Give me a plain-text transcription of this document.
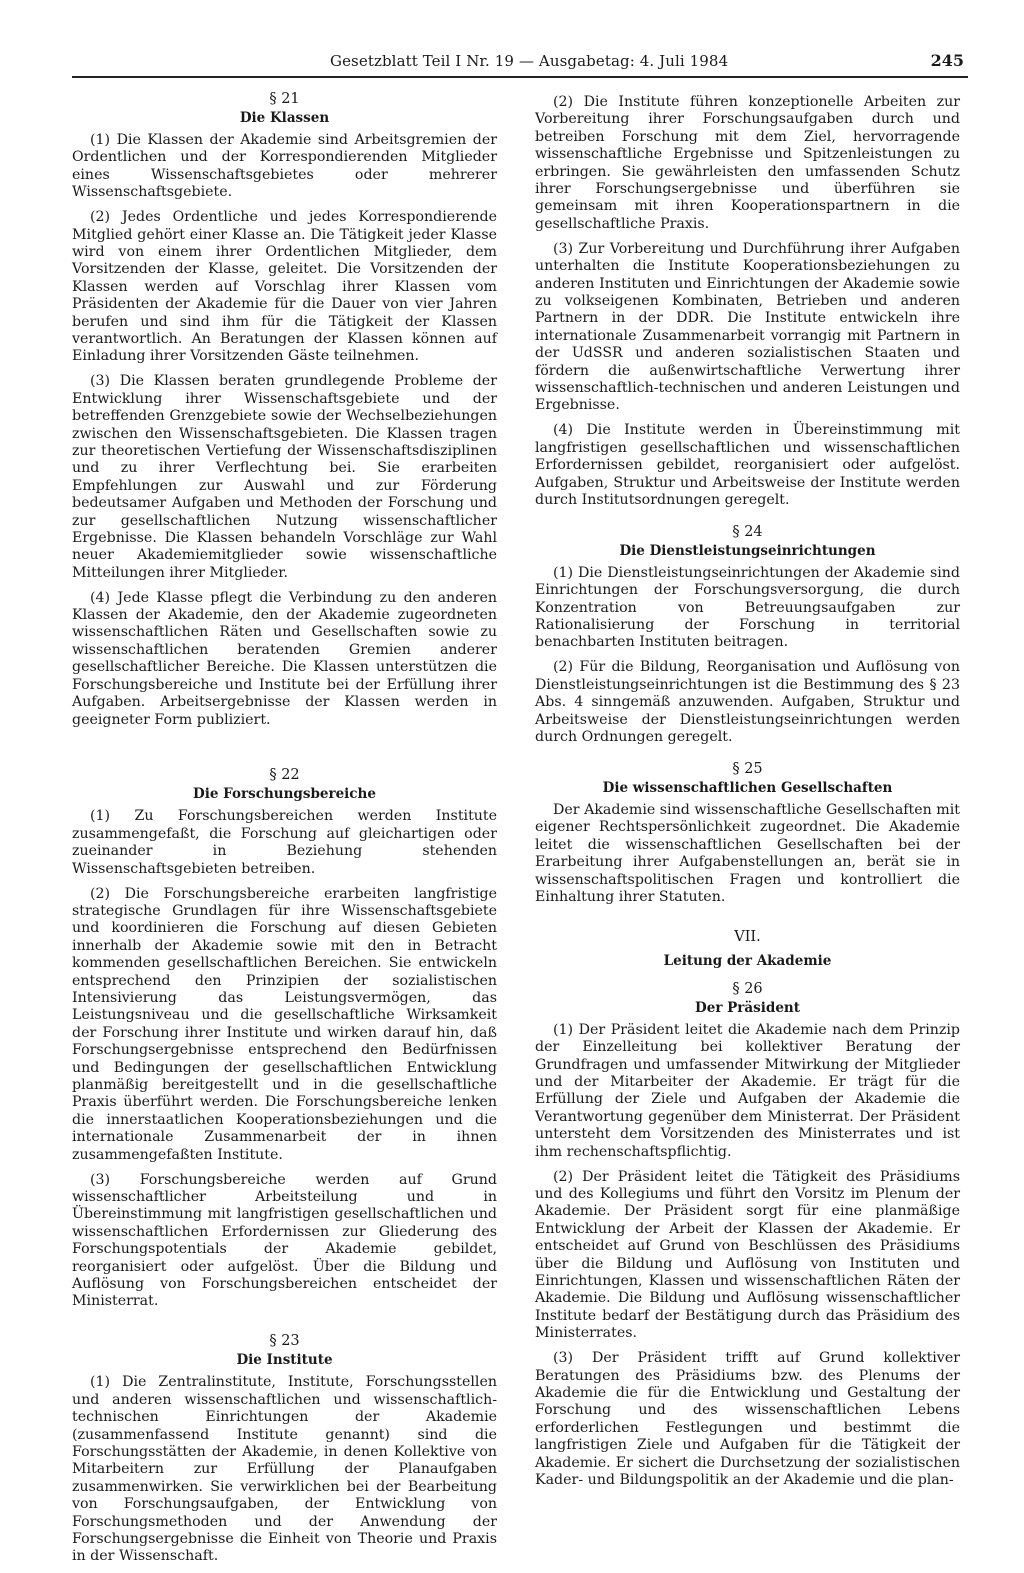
Gesetzblatt Teil I Nr. 19 — Ausgabetag: 4. Juli 1984	245
§ 21
Die Klassen

(1) Die Klassen der Akademie sind Arbeitsgremien der Ordentlichen und der Korrespondierenden Mitglieder eines Wissenschaftsgebietes oder mehrerer Wissenschaftsgebiete.

(2) Jedes Ordentliche und jedes Korrespondierende Mitglied gehört einer Klasse an. Die Tätigkeit jeder Klasse wird von einem ihrer Ordentlichen Mitglieder, dem Vorsitzenden der Klasse, geleitet. Die Vorsitzenden der Klassen werden auf Vorschlag ihrer Klassen vom Präsidenten der Akademie für die Dauer von vier Jahren berufen und sind ihm für die Tätigkeit der Klassen verantwortlich. An Beratungen der Klassen können auf Einladung ihrer Vorsitzenden Gäste teilnehmen.

(3) Die Klassen beraten grundlegende Probleme der Entwicklung ihrer Wissenschaftsgebiete und der betreffenden Grenzgebiete sowie der Wechselbeziehungen zwischen den Wissenschaftsgebieten. Die Klassen tragen zur theoretischen Vertiefung der Wissenschaftsdisziplinen und zu ihrer Verflechtung bei. Sie erarbeiten Empfehlungen zur Auswahl und zur Förderung bedeutsamer Aufgaben und Methoden der Forschung und zur gesellschaftlichen Nutzung wissenschaftlicher Ergebnisse. Die Klassen behandeln Vorschläge zur Wahl neuer Akademiemitglieder sowie wissenschaftliche Mitteilungen ihrer Mitglieder.

(4) Jede Klasse pflegt die Verbindung zu den anderen Klassen der Akademie, den der Akademie zugeordneten wissenschaftlichen Räten und Gesellschaften sowie zu wissenschaftlichen beratenden Gremien anderer gesellschaftlicher Bereiche. Die Klassen unterstützen die Forschungsbereiche und Institute bei der Erfüllung ihrer Aufgaben. Arbeitsergebnisse der Klassen werden in geeigneter Form publiziert.

§ 22
Die Forschungsbereiche

(1) Zu Forschungsbereichen werden Institute zusammengefaßt, die Forschung auf gleichartigen oder zueinander in Beziehung stehenden Wissenschaftsgebieten betreiben.

(2) Die Forschungsbereiche erarbeiten langfristige strategische Grundlagen für ihre Wissenschaftsgebiete und koordinieren die Forschung auf diesen Gebieten innerhalb der Akademie sowie mit den in Betracht kommenden gesellschaftlichen Bereichen. Sie entwickeln entsprechend den Prinzipien der sozialistischen Intensivierung das Leistungsvermögen, das Leistungsniveau und die gesellschaftliche Wirksamkeit der Forschung ihrer Institute und wirken darauf hin, daß Forschungsergebnisse entsprechend den Bedürfnissen und Bedingungen der gesellschaftlichen Entwicklung planmäßig bereitgestellt und in die gesellschaftliche Praxis überführt werden. Die Forschungsbereiche lenken die innerstaatlichen Kooperationsbeziehungen und die internationale Zusammenarbeit der in ihnen zusammengefaßten Institute.

(3) Forschungsbereiche werden auf Grund wissenschaftlicher Arbeitsteilung und in Übereinstimmung mit langfristigen gesellschaftlichen und wissenschaftlichen Erfordernissen zur Gliederung des Forschungspotentials der Akademie gebildet, reorganisiert oder aufgelöst. Über die Bildung und Auflösung von Forschungsbereichen entscheidet der Ministerrat.

§ 23
Die Institute

(1) Die Zentralinstitute, Institute, Forschungsstellen und anderen wissenschaftlichen und wissenschaftlich-technischen Einrichtungen der Akademie (zusammenfassend Institute genannt) sind die Forschungsstätten der Akademie, in denen Kollektive von Mitarbeitern zur Erfüllung der Planaufgaben zusammenwirken. Sie verwirklichen bei der Bearbeitung von Forschungsaufgaben, der Entwicklung von Forschungsmethoden und der Anwendung der Forschungsergebnisse die Einheit von Theorie und Praxis in der Wissenschaft.

(2) Die Institute führen konzeptionelle Arbeiten zur Vorbereitung ihrer Forschungsaufgaben durch und betreiben Forschung mit dem Ziel, hervorragende wissenschaftliche Ergebnisse und Spitzenleistungen zu erbringen. Sie gewährleisten den umfassenden Schutz ihrer Forschungsergebnisse und überführen sie gemeinsam mit ihren Kooperationspartnern in die gesellschaftliche Praxis.

(3) Zur Vorbereitung und Durchführung ihrer Aufgaben unterhalten die Institute Kooperationsbeziehungen zu anderen Instituten und Einrichtungen der Akademie sowie zu volkseigenen Kombinaten, Betrieben und anderen Partnern in der DDR. Die Institute entwickeln ihre internationale Zusammenarbeit vorrangig mit Partnern in der UdSSR und anderen sozialistischen Staaten und fördern die außenwirtschaftliche Verwertung ihrer wissenschaftlich-technischen und anderen Leistungen und Ergebnisse.

(4) Die Institute werden in Übereinstimmung mit langfristigen gesellschaftlichen und wissenschaftlichen Erfordernissen gebildet, reorganisiert oder aufgelöst. Aufgaben, Struktur und Arbeitsweise der Institute werden durch Institutsordnungen geregelt.

§ 24
Die Dienstleistungseinrichtungen

(1) Die Dienstleistungseinrichtungen der Akademie sind Einrichtungen der Forschungsversorgung, die durch Konzentration von Betreuungsaufgaben zur Rationalisierung der Forschung in territorial benachbarten Instituten beitragen.

(2) Für die Bildung, Reorganisation und Auflösung von Dienstleistungseinrichtungen ist die Bestimmung des § 23 Abs. 4 sinngemäß anzuwenden. Aufgaben, Struktur und Arbeitsweise der Dienstleistungseinrichtungen werden durch Ordnungen geregelt.

§ 25
Die wissenschaftlichen Gesellschaften

Der Akademie sind wissenschaftliche Gesellschaften mit eigener Rechtspersönlichkeit zugeordnet. Die Akademie leitet die wissenschaftlichen Gesellschaften bei der Erarbeitung ihrer Aufgabenstellungen an, berät sie in wissenschaftspolitischen Fragen und kontrolliert die Einhaltung ihrer Statuten.

VII.
Leitung der Akademie
§ 26
Der Präsident

(1) Der Präsident leitet die Akademie nach dem Prinzip der Einzelleitung bei kollektiver Beratung der Grundfragen und umfassender Mitwirkung der Mitglieder und der Mitarbeiter der Akademie. Er trägt für die Erfüllung der Ziele und Aufgaben der Akademie die Verantwortung gegenüber dem Ministerrat. Der Präsident untersteht dem Vorsitzenden des Ministerrates und ist ihm rechenschaftspflichtig.

(2) Der Präsident leitet die Tätigkeit des Präsidiums und des Kollegiums und führt den Vorsitz im Plenum der Akademie. Der Präsident sorgt für eine planmäßige Entwicklung der Arbeit der Klassen der Akademie. Er entscheidet auf Grund von Beschlüssen des Präsidiums über die Bildung und Auflösung von Instituten und Einrichtungen, Klassen und wissenschaftlichen Räten der Akademie. Die Bildung und Auflösung wissenschaftlicher Institute bedarf der Bestätigung durch das Präsidium des Ministerrates.

(3) Der Präsident trifft auf Grund kollektiver Beratungen des Präsidiums bzw. des Plenums der Akademie die für die Entwicklung und Gestaltung der Forschung und des wissenschaftlichen Lebens erforderlichen Festlegungen und bestimmt die langfristigen Ziele und Aufgaben für die Tätigkeit der Akademie. Er sichert die Durchsetzung der sozialistischen Kader- und Bildungspolitik an der Akademie und die plan-
